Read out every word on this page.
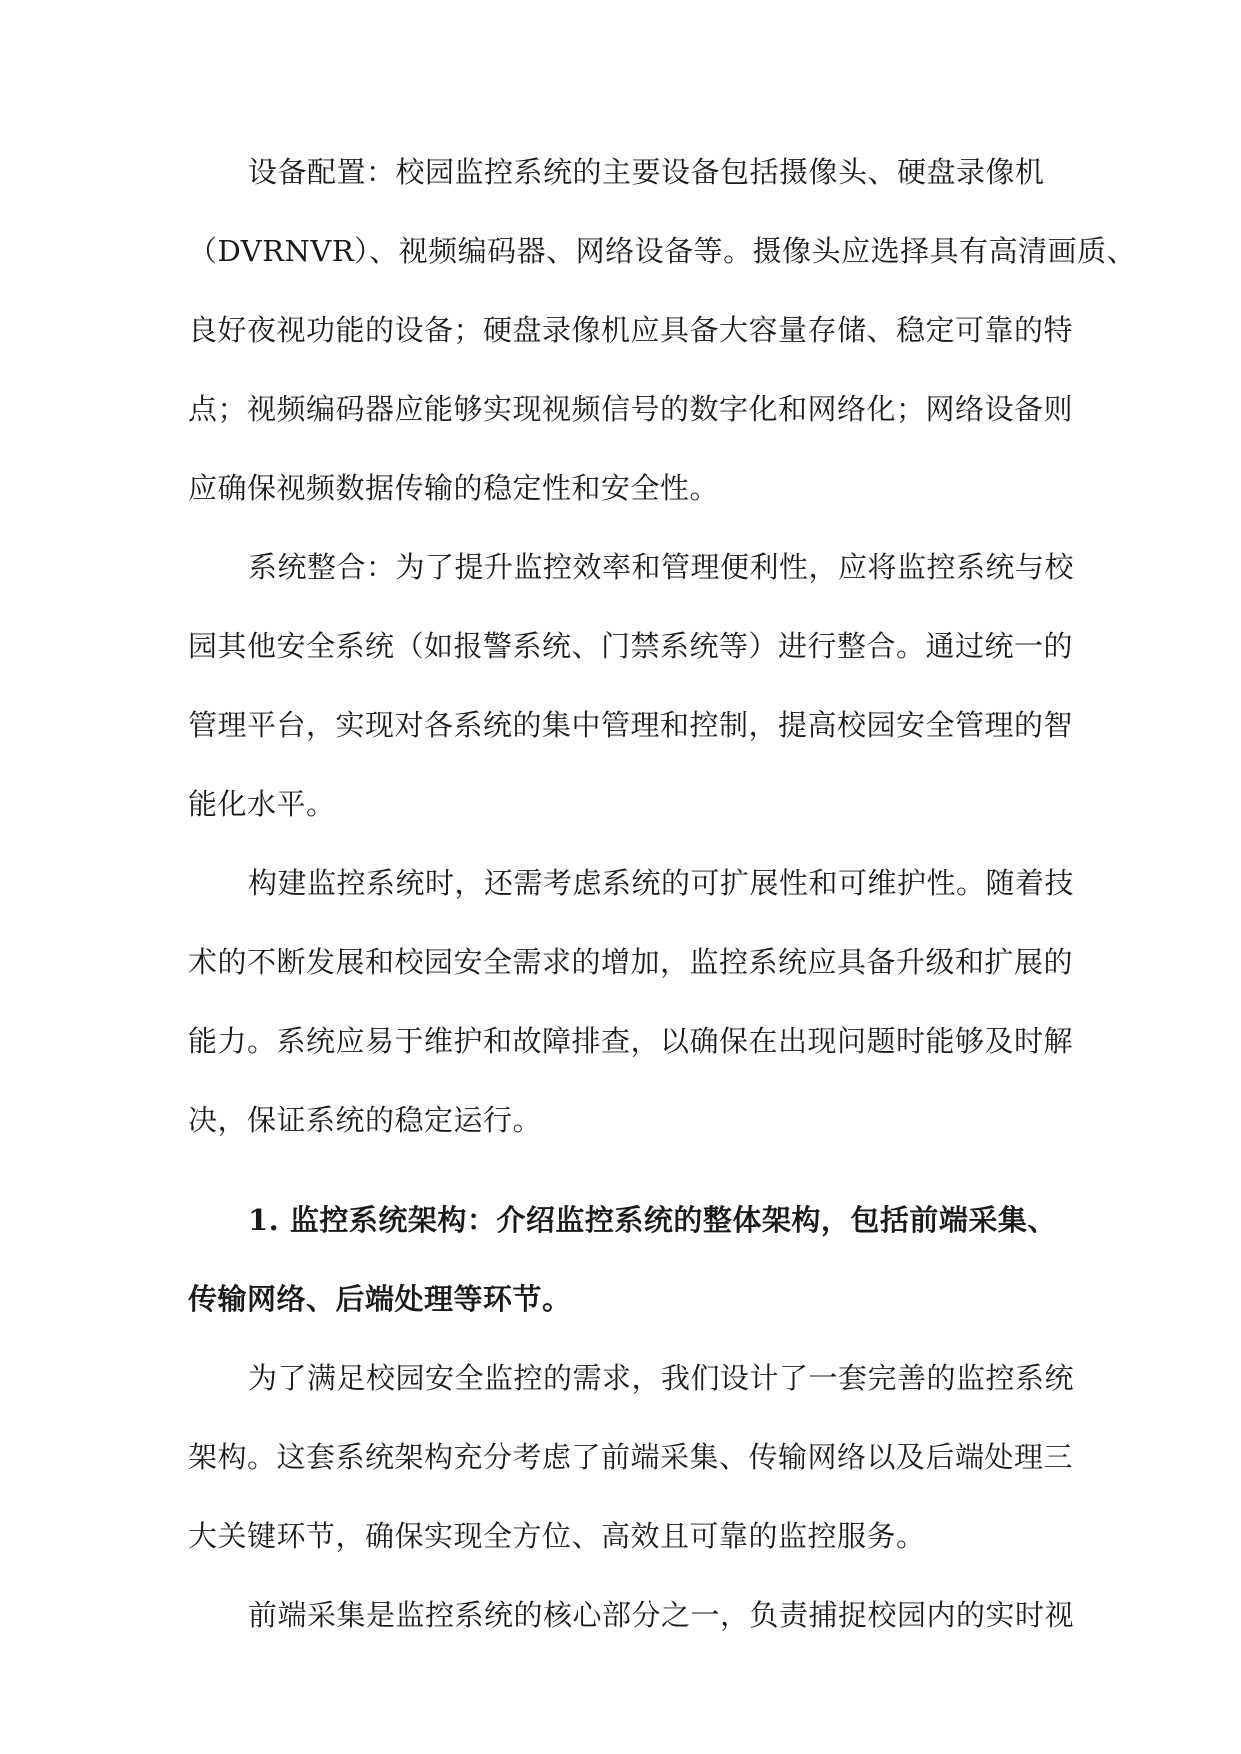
设备配置：校园监控系统的主要设备包括摄像头、硬盘录像机
（DVRNVR）、视频编码器、网络设备等。摄像头应选择具有高清画质、
良好夜视功能的设备；硬盘录像机应具备大容量存储、稳定可靠的特
点；视频编码器应能够实现视频信号的数字化和网络化；网络设备则
应确保视频数据传输的稳定性和安全性。
系统整合：为了提升监控效率和管理便利性，应将监控系统与校
园其他安全系统（如报警系统、门禁系统等）进行整合。通过统一的
管理平台，实现对各系统的集中管理和控制，提高校园安全管理的智
能化水平。
构建监控系统时，还需考虑系统的可扩展性和可维护性。随着技
术的不断发展和校园安全需求的增加，监控系统应具备升级和扩展的
能力。系统应易于维护和故障排查，以确保在出现问题时能够及时解
决，保证系统的稳定运行。
1. 监控系统架构：介绍监控系统的整体架构，包括前端采集、
传输网络、后端处理等环节。
为了满足校园安全监控的需求，我们设计了一套完善的监控系统
架构。这套系统架构充分考虑了前端采集、传输网络以及后端处理三
大关键环节，确保实现全方位、高效且可靠的监控服务。
前端采集是监控系统的核心部分之一，负责捕捉校园内的实时视
